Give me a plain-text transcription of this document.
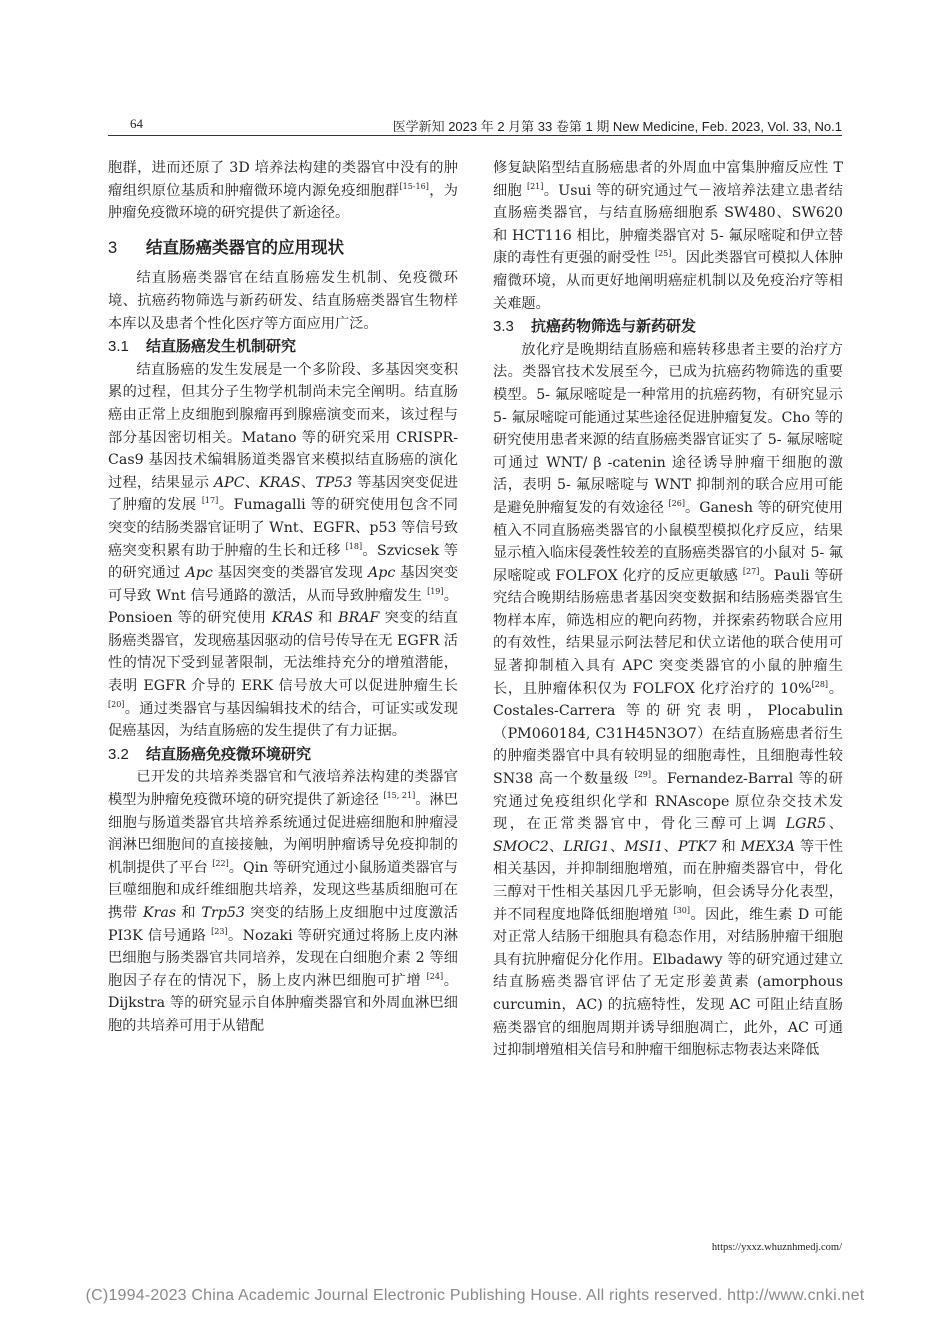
64	医学新知 2023 年 2 月第 33 卷第 1 期 New Medicine, Feb. 2023, Vol. 33, No.1

胞群，进而还原了 3D 培养法构建的类器官中没有的肿瘤组织原位基质和肿瘤微环境内源免疫细胞群[15-16]，为肿瘤免疫微环境的研究提供了新途径。

3 结直肠癌类器官的应用现状

结直肠癌类器官在结直肠癌发生机制、免疫微环境、抗癌药物筛选与新药研发、结直肠癌类器官生物样本库以及患者个性化医疗等方面应用广泛。

3.1 结直肠癌发生机制研究

结直肠癌的发生发展是一个多阶段、多基因突变积累的过程，但其分子生物学机制尚未完全阐明。结直肠癌由正常上皮细胞到腺瘤再到腺癌演变而来，该过程与部分基因密切相关。Matano 等的研究采用 CRISPR-Cas9 基因技术编辑肠道类器官来模拟结直肠癌的演化过程，结果显示 APC、KRAS、TP53 等基因突变促进了肿瘤的发展 [17]。Fumagalli 等的研究使用包含不同突变的结肠类器官证明了 Wnt、EGFR、p53 等信号致癌突变积累有助于肿瘤的生长和迁移 [18]。Szvicsek 等的研究通过 Apc 基因突变的类器官发现 Apc 基因突变可导致 Wnt 信号通路的激活，从而导致肿瘤发生 [19]。Ponsioen 等的研究使用 KRAS 和 BRAF 突变的结直肠癌类器官，发现癌基因驱动的信号传导在无 EGFR 活性的情况下受到显著限制，无法维持充分的增殖潜能，表明 EGFR 介导的 ERK 信号放大可以促进肿瘤生长 [20]。通过类器官与基因编辑技术的结合，可证实或发现促癌基因，为结直肠癌的发生提供了有力证据。

3.2 结直肠癌免疫微环境研究

已开发的共培养类器官和气液培养法构建的类器官模型为肿瘤免疫微环境的研究提供了新途径 [15, 21]。淋巴细胞与肠道类器官共培养系统通过促进癌细胞和肿瘤浸润淋巴细胞间的直接接触，为阐明肿瘤诱导免疫抑制的机制提供了平台 [22]。Qin 等研究通过小鼠肠道类器官与巨噬细胞和成纤维细胞共培养，发现这些基质细胞可在携带 Kras 和 Trp53 突变的结肠上皮细胞中过度激活 PI3K 信号通路 [23]。Nozaki 等研究通过将肠上皮内淋巴细胞与肠类器官共同培养，发现在白细胞介素 2 等细胞因子存在的情况下，肠上皮内淋巴细胞可扩增 [24]。Dijkstra 等的研究显示自体肿瘤类器官和外周血淋巴细胞的共培养可用于从错配

修复缺陷型结直肠癌患者的外周血中富集肿瘤反应性 T 细胞 [21]。Usui 等的研究通过气－液培养法建立患者结直肠癌类器官，与结直肠癌细胞系 SW480、SW620 和 HCT116 相比，肿瘤类器官对 5- 氟尿嘧啶和伊立替康的毒性有更强的耐受性 [25]。因此类器官可模拟人体肿瘤微环境，从而更好地阐明癌症机制以及免疫治疗等相关难题。

3.3 抗癌药物筛选与新药研发

放化疗是晚期结直肠癌和癌转移患者主要的治疗方法。类器官技术发展至今，已成为抗癌药物筛选的重要模型。5- 氟尿嘧啶是一种常用的抗癌药物，有研究显示 5- 氟尿嘧啶可能通过某些途径促进肿瘤复发。Cho 等的研究使用患者来源的结直肠癌类器官证实了 5- 氟尿嘧啶可通过 WNT/ β -catenin 途径诱导肿瘤干细胞的激活，表明 5- 氟尿嘧啶与 WNT 抑制剂的联合应用可能是避免肿瘤复发的有效途径 [26]。Ganesh 等的研究使用植入不同直肠癌类器官的小鼠模型模拟化疗反应，结果显示植入临床侵袭性较差的直肠癌类器官的小鼠对 5- 氟尿嘧啶或 FOLFOX 化疗的反应更敏感 [27]。Pauli 等研究结合晚期结肠癌患者基因突变数据和结肠癌类器官生物样本库，筛选相应的靶向药物，并探索药物联合应用的有效性，结果显示阿法替尼和伏立诺他的联合使用可显著抑制植入具有 APC 突变类器官的小鼠的肿瘤生长，且肿瘤体积仅为 FOLFOX 化疗治疗的 10%[28]。Costales-Carrera 等的研究表明，Plocabulin（PM060184, C31H45N3O7）在结直肠癌患者衍生的肿瘤类器官中具有较明显的细胞毒性，且细胞毒性较 SN38 高一个数量级 [29]。Fernandez-Barral 等的研究通过免疫组织化学和 RNAscope 原位杂交技术发现，在正常类器官中，骨化三醇可上调 LGR5、SMOC2、LRIG1、MSI1、PTK7 和 MEX3A 等干性相关基因，并抑制细胞增殖，而在肿瘤类器官中，骨化三醇对干性相关基因几乎无影响，但会诱导分化表型，并不同程度地降低细胞增殖 [30]。因此，维生素 D 可能对正常人结肠干细胞具有稳态作用，对结肠肿瘤干细胞具有抗肿瘤促分化作用。Elbadawy 等的研究通过建立结直肠癌类器官评估了无定形姜黄素 (amorphous curcumin，AC) 的抗癌特性，发现 AC 可阻止结直肠癌类器官的细胞周期并诱导细胞凋亡，此外，AC 可通过抑制增殖相关信号和肿瘤干细胞标志物表达来降低

https://yxxz.whuznhmedj.com/
(C)1994-2023 China Academic Journal Electronic Publishing House. All rights reserved. http://www.cnki.net
